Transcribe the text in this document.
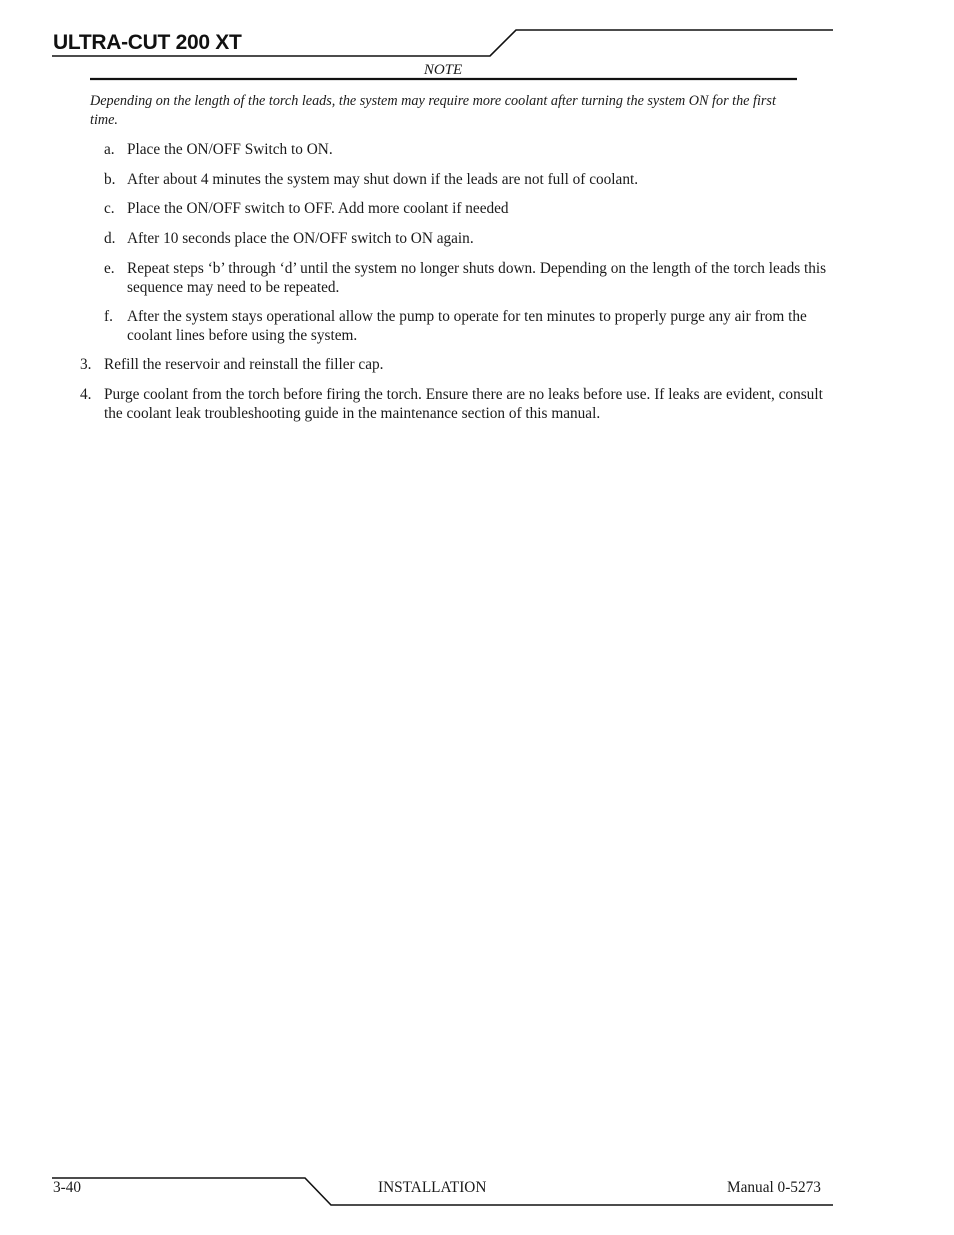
ULTRA-CUT 200 XT
NOTE
Depending on the length of the torch leads, the system may require more coolant after turning the system ON for the first time.
a. Place the ON/OFF Switch to ON.
b. After about 4 minutes the system may shut down if the leads are not full of coolant.
c. Place the ON/OFF switch to OFF. Add more coolant if needed
d. After 10 seconds place the ON/OFF switch to ON again.
e. Repeat steps ‘b’ through ‘d’ until the system no longer shuts down. Depending on the length of the torch leads this sequence may need to be repeated.
f. After the system stays operational allow the pump to operate for ten minutes to properly purge any air from the coolant lines before using the system.
3. Refill the reservoir and reinstall the filler cap.
4. Purge coolant from the torch before firing the torch. Ensure there are no leaks before use. If leaks are evident, consult the coolant leak troubleshooting guide in the maintenance section of this manual.
3-40	INSTALLATION	Manual 0-5273
